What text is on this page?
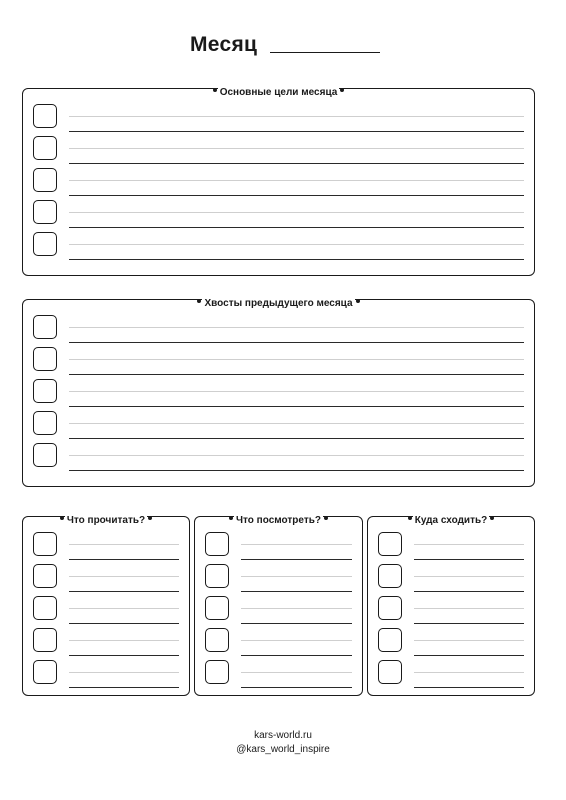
Месяц
Основные цели месяца
Хвосты предыдущего месяца
Что прочитать?	Что посмотреть?	Куда сходить?
kars-world.ru
@kars_world_inspire
